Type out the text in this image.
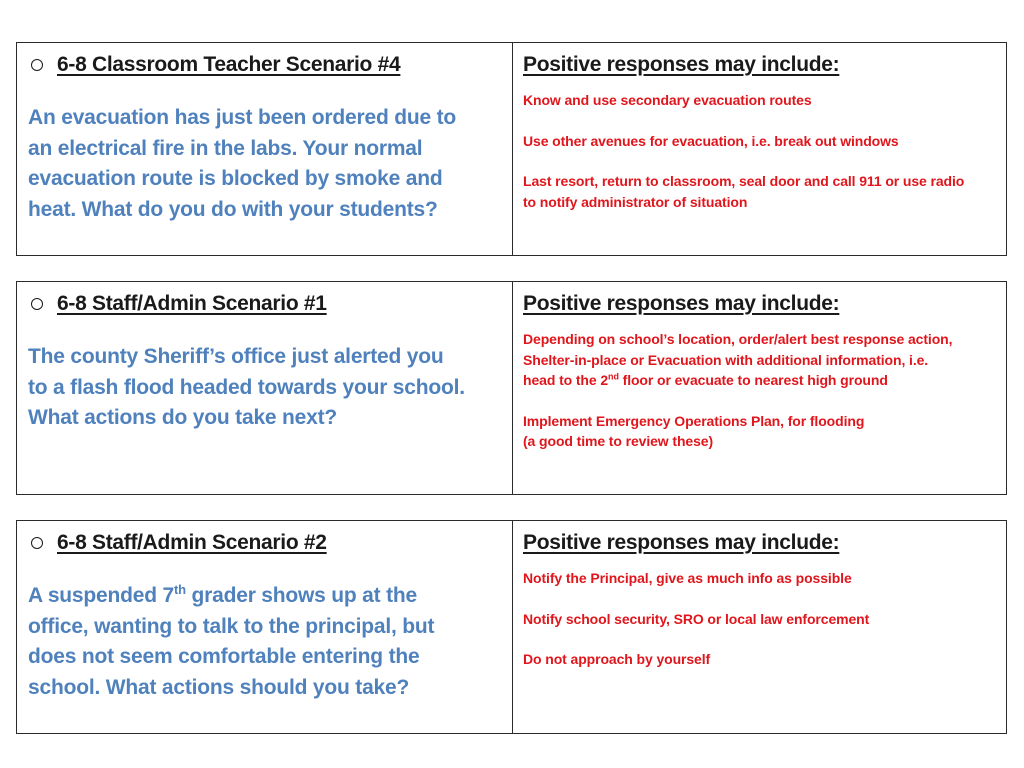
6-8 Classroom Teacher Scenario #4
An evacuation has just been ordered due to
an electrical fire in the labs. Your normal
evacuation route is blocked by smoke and
heat. What do you do with your students?
Positive responses may include:
Know and use secondary evacuation routes
Use other avenues for evacuation, i.e. break out windows
Last resort, return to classroom, seal door and call 911 or use radio
to notify administrator of situation
6-8 Staff/Admin Scenario #1
The county Sheriff’s office just alerted you
to a flash flood headed towards your school.
What actions do you take next?
Positive responses may include:
Depending on school’s location, order/alert best response action,
Shelter-in-place or Evacuation with additional information, i.e.
head to the 2nd floor or evacuate to nearest high ground
Implement Emergency Operations Plan, for flooding
(a good time to review these)
6-8 Staff/Admin Scenario #2
A suspended 7th grader shows up at the
office, wanting to talk to the principal, but
does not seem comfortable entering the
school. What actions should you take?
Positive responses may include:
Notify the Principal, give as much info as possible
Notify school security, SRO or local law enforcement
Do not approach by yourself
